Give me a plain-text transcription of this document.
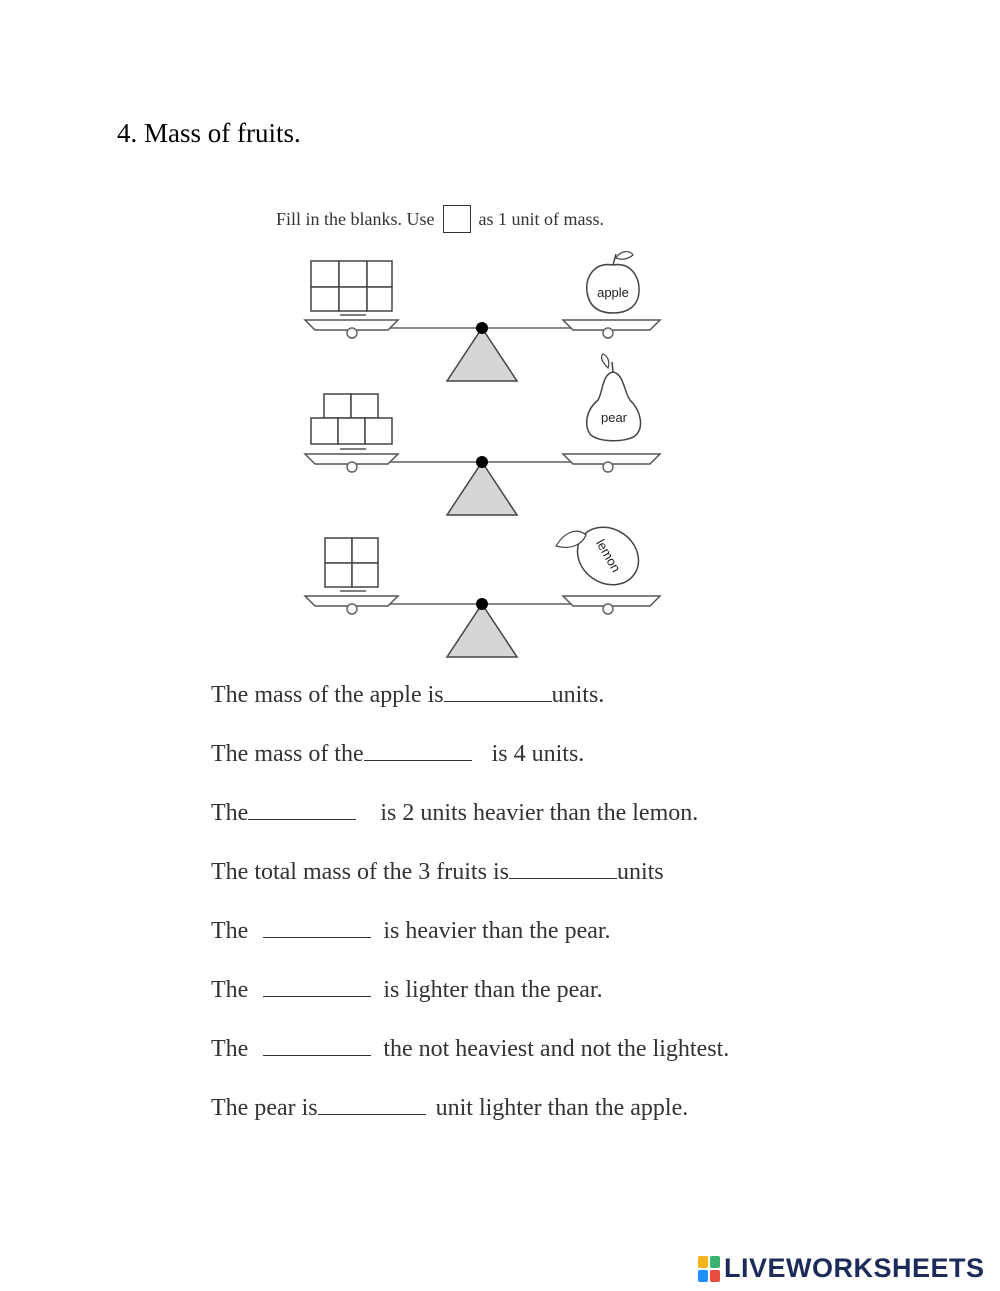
4. Mass of fruits.
Fill in the blanks. Use as 1 unit of mass.
apple
pear
lemon
The mass of the apple is	units.
The mass of the	is 4 units.
The	is 2 units heavier than the lemon.
The total mass of the 3 fruits is	units
The	is heavier than the pear.
The	is lighter than the pear.
The	the not heaviest and not the lightest.
The pear is	unit lighter than the apple.
LIVEWORKSHEETS
